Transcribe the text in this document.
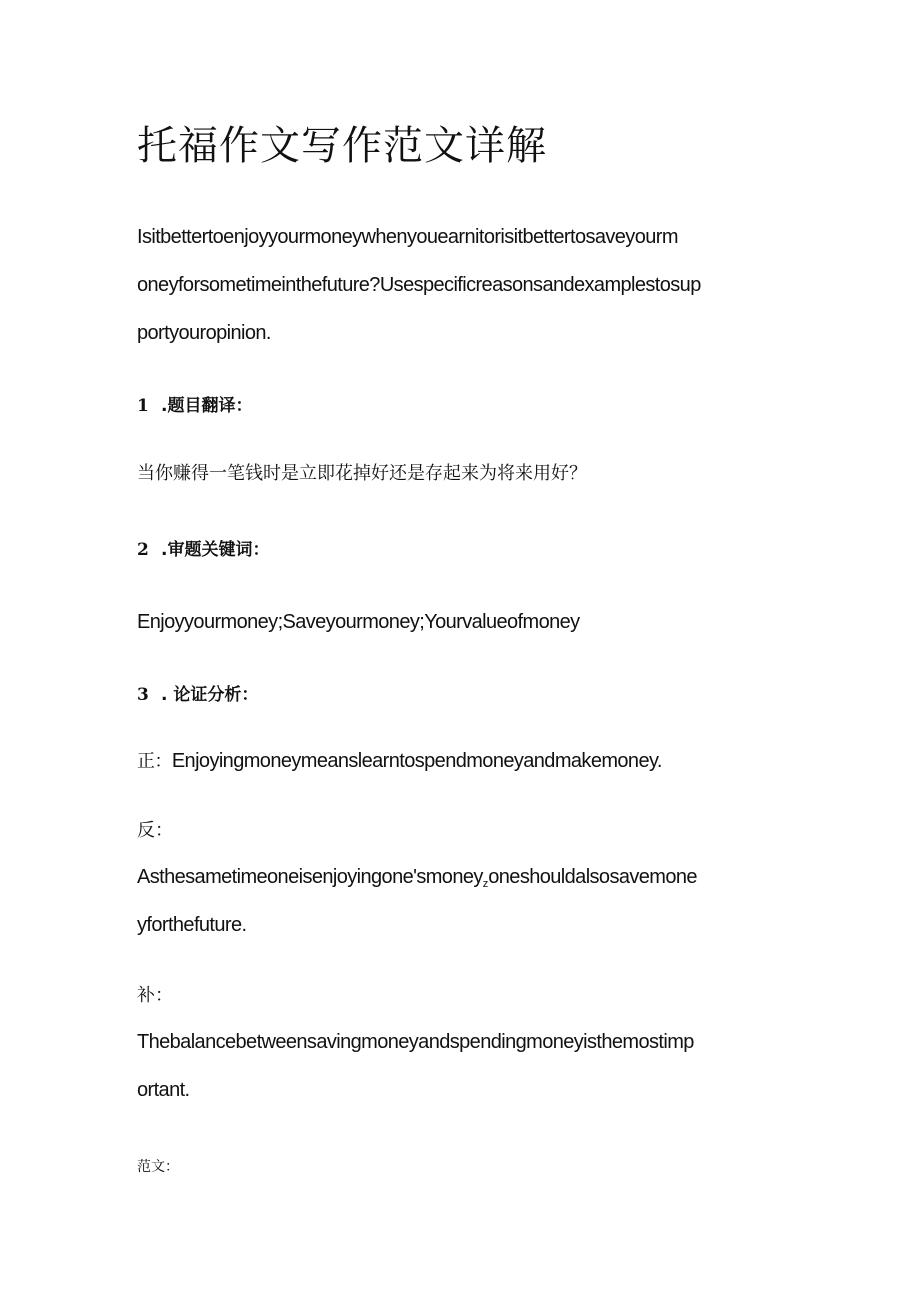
托福作文写作范文详解

Isitbettertoenjoyyourmoneywhenyouearnitorisitbettertosaveyourm

oneyforsometimeinthefuture?Usespecificreasonsandexamplestosup

portyouropinion.

1 .题目翻译：

当你赚得一笔钱时是立即花掉好还是存起来为将来用好？

2 .审题关键词：

Enjoyyourmoney;Saveyourmoney;Yourvalueofmoney

3 . 论证分析：

正：Enjoyingmoneymeanslearntospendmoneyandmakemoney.

反：

Asthesametimeoneisenjoyingone'smoney$_z$oneshouldalsosavemone

yforthefuture.

补：

Thebalancebetweensavingmoneyandspendingmoneyisthemostimp

ortant.

范文：
